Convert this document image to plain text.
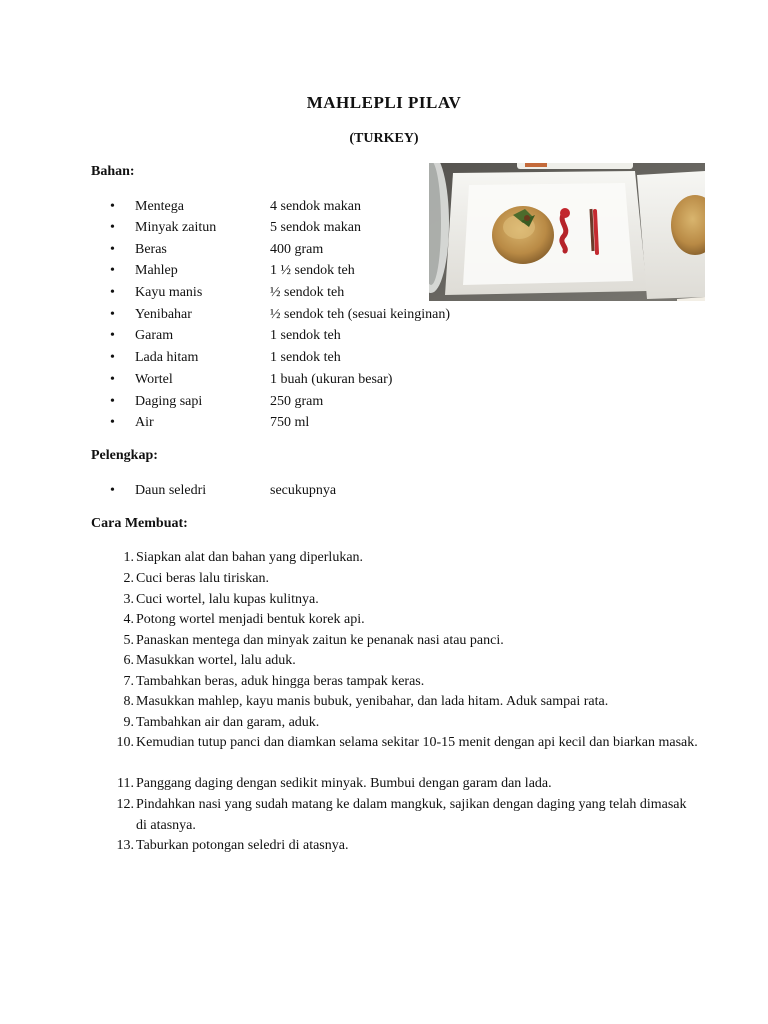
MAHLEPLI PILAV
(TURKEY)
Bahan:
•	Mentega	4 sendok makan
•	Minyak zaitun	5 sendok makan
•	Beras	400 gram
•	Mahlep	1 ½ sendok teh
•	Kayu manis	½ sendok teh
•	Yenibahar	½ sendok teh (sesuai keinginan)
•	Garam	1 sendok teh
•	Lada hitam	1 sendok teh
•	Wortel	1 buah (ukuran besar)
•	Daging sapi	250 gram
•	Air	750 ml
Pelengkap:
•	Daun seledri	secukupnya
Cara Membuat:
1. Siapkan alat dan bahan yang diperlukan.
2. Cuci beras lalu tiriskan.
3. Cuci wortel, lalu kupas kulitnya.
4. Potong wortel menjadi bentuk korek api.
5. Panaskan mentega dan minyak zaitun ke penanak nasi atau panci.
6. Masukkan wortel, lalu aduk.
7. Tambahkan beras, aduk hingga beras tampak keras.
8. Masukkan mahlep, kayu manis bubuk, yenibahar, dan lada hitam. Aduk sampai rata.
9. Tambahkan air dan garam, aduk.
10. Kemudian tutup panci dan diamkan selama sekitar 10-15 menit dengan api kecil dan biarkan masak.
11. Panggang daging dengan sedikit minyak. Bumbui dengan garam dan lada.
12. Pindahkan nasi yang sudah matang ke dalam mangkuk, sajikan dengan daging yang telah dimasak di atasnya.
13. Taburkan potongan seledri di atasnya.
